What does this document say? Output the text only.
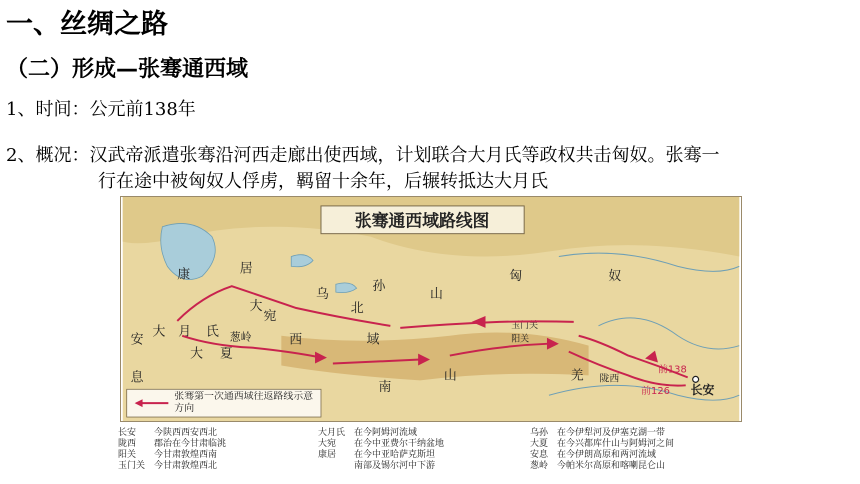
一、丝绸之路
（二）形成—张骞通西域
1、时间：公元前138年
2、概况：汉武帝派遣张骞沿河西走廊出使西域，计划联合大月氏等政权共击匈奴。张骞一
行在途中被匈奴人俘虏，羁留十余年，后辗转抵达大月氏
张骞通西域路线图
康	居
乌
孙
北
山
匈	奴
大
宛
大 月 氏 葱岭	西	域
大 夏
安
息
南
山	羌
玉门关
阳关
陇西
长安
前138
前126
张骞第一次通西域往返路线示意方向
长安　　今陕西西安西北
陇西　　郡治在今甘肃临洮
阳关　　今甘肃敦煌西南
玉门关　今甘肃敦煌西北
大月氏　在今阿姆河流域
大宛　　在今中亚费尔干纳盆地
康居　　在今中亚哈萨克斯坦
　　　　南部及锡尔河中下游
乌孙　在今伊犁河及伊塞克湖一带
大夏　在今兴都库什山与阿姆河之间
安息　在今伊朗高原和两河流域
葱岭　今帕米尔高原和喀喇昆仑山
